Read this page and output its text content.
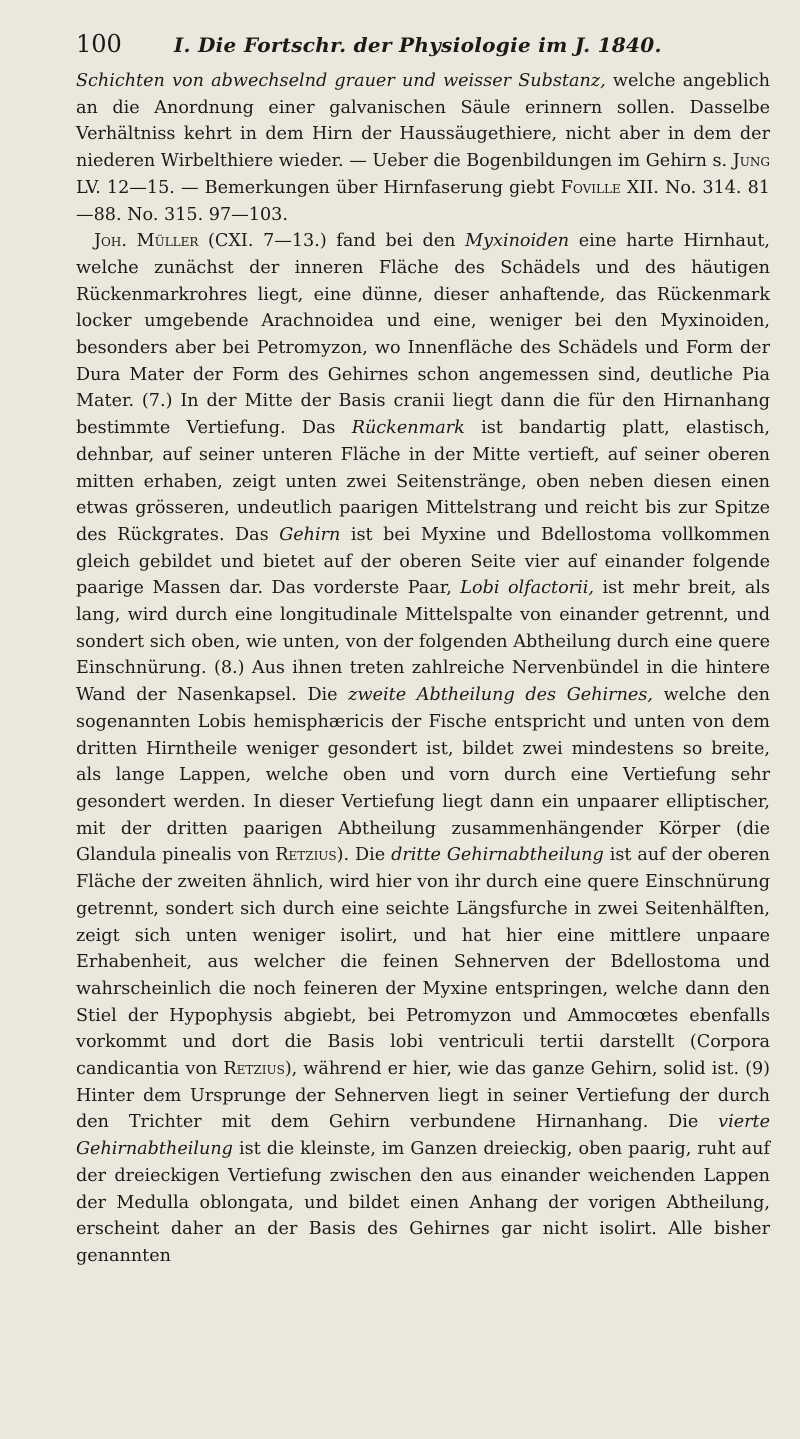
100	I. Die Fortschr. der Physiologie im J. 1840.

Schichten von abwechselnd grauer und weisser Substanz, welche angeblich an die Anordnung einer galvanischen Säule erinnern sollen. Dasselbe Verhältniss kehrt in dem Hirn der Haussäugethiere, nicht aber in dem der niederen Wirbelthiere wieder. — Ueber die Bogenbildungen im Gehirn s. Jung LV. 12—15. — Bemerkungen über Hirnfaserung giebt Foville XII. No. 314. 81—88. No. 315. 97—103.

Joh. Müller (CXI. 7—13.) fand bei den Myxinoiden eine harte Hirnhaut, welche zunächst der inneren Fläche des Schädels und des häutigen Rückenmarkrohres liegt, eine dünne, dieser anhaftende, das Rückenmark locker umgebende Arachnoidea und eine, weniger bei den Myxinoiden, besonders aber bei Petromyzon, wo Innenfläche des Schädels und Form der Dura Mater der Form des Gehirnes schon angemessen sind, deutliche Pia Mater. (7.) In der Mitte der Basis cranii liegt dann die für den Hirnanhang bestimmte Vertiefung. Das Rückenmark ist bandartig platt, elastisch, dehnbar, auf seiner unteren Fläche in der Mitte vertieft, auf seiner oberen mitten erhaben, zeigt unten zwei Seitenstränge, oben neben diesen einen etwas grösseren, undeutlich paarigen Mittelstrang und reicht bis zur Spitze des Rückgrates. Das Gehirn ist bei Myxine und Bdellostoma vollkommen gleich gebildet und bietet auf der oberen Seite vier auf einander folgende paarige Massen dar. Das vorderste Paar, Lobi olfactorii, ist mehr breit, als lang, wird durch eine longitudinale Mittelspalte von einander getrennt, und sondert sich oben, wie unten, von der folgenden Abtheilung durch eine quere Einschnürung. (8.) Aus ihnen treten zahlreiche Nervenbündel in die hintere Wand der Nasenkapsel. Die zweite Abtheilung des Gehirnes, welche den sogenannten Lobis hemisphæricis der Fische entspricht und unten von dem dritten Hirntheile weniger gesondert ist, bildet zwei mindestens so breite, als lange Lappen, welche oben und vorn durch eine Vertiefung sehr gesondert werden. In dieser Vertiefung liegt dann ein unpaarer elliptischer, mit der dritten paarigen Abtheilung zusammenhängender Körper (die Glandula pinealis von Retzius). Die dritte Gehirnabtheilung ist auf der oberen Fläche der zweiten ähnlich, wird hier von ihr durch eine quere Einschnürung getrennt, sondert sich durch eine seichte Längsfurche in zwei Seitenhälften, zeigt sich unten weniger isolirt, und hat hier eine mittlere unpaare Erhabenheit, aus welcher die feinen Sehnerven der Bdellostoma und wahrscheinlich die noch feineren der Myxine entspringen, welche dann den Stiel der Hypophysis abgiebt, bei Petromyzon und Ammocœtes ebenfalls vorkommt und dort die Basis lobi ventriculi tertii darstellt (Corpora candicantia von Retzius), während er hier, wie das ganze Gehirn, solid ist. (9) Hinter dem Ursprunge der Sehnerven liegt in seiner Vertiefung der durch den Trichter mit dem Gehirn verbundene Hirnanhang. Die vierte Gehirnabtheilung ist die kleinste, im Ganzen dreieckig, oben paarig, ruht auf der dreieckigen Vertiefung zwischen den aus einander weichenden Lappen der Medulla oblongata, und bildet einen Anhang der vorigen Abtheilung, erscheint daher an der Basis des Gehirnes gar nicht isolirt. Alle bisher genannten
